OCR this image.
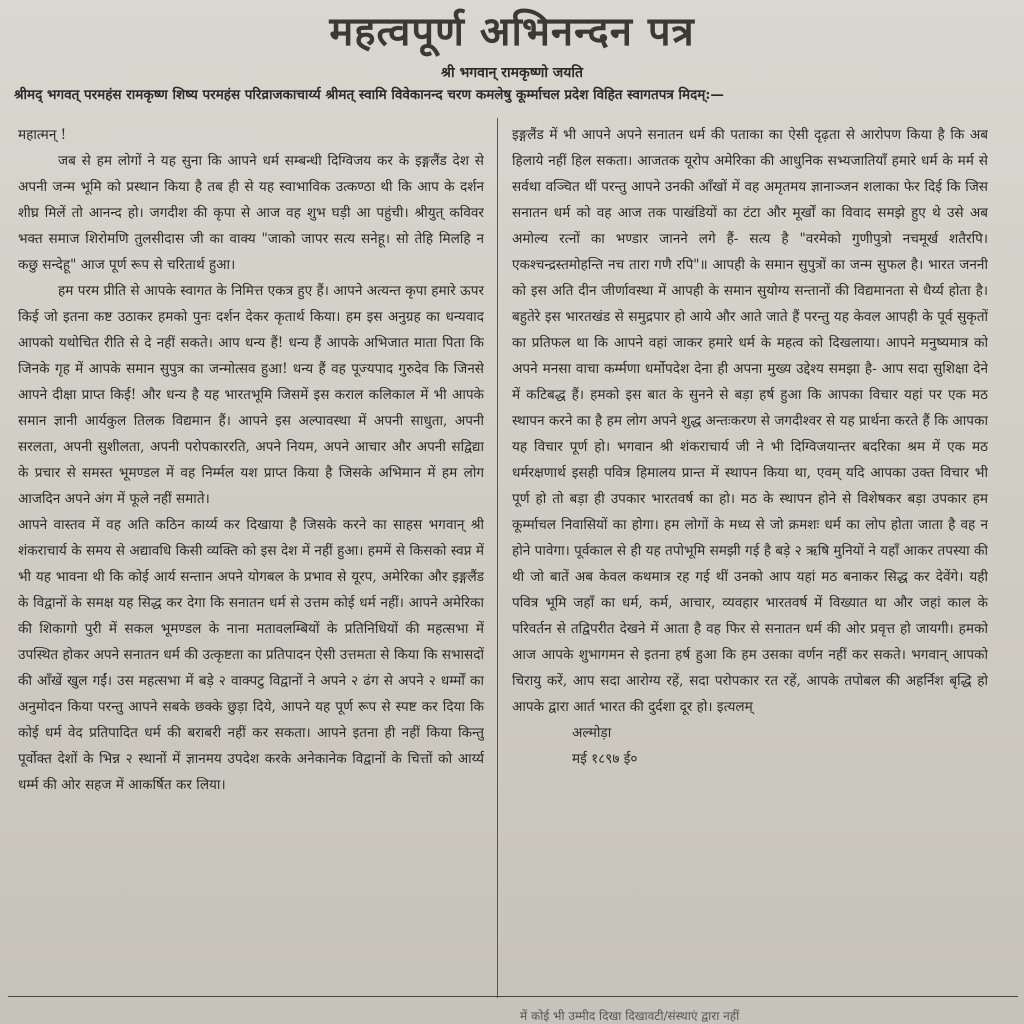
महत्वपूर्ण अभिनन्दन पत्र

श्री भगवान् रामकृष्णो जयति

श्रीमद् भगवत् परमहंस रामकृष्ण शिष्य परमहंस परिव्राजकाचार्य्य श्रीमत् स्वामि विवेकानन्द चरण कमलेषु कूर्म्माचल प्रदेश विहित स्वागतपत्र मिदम्:—

महात्मन् !

जब से हम लोगों ने यह सुना कि आपने धर्म सम्बन्धी दिग्विजय कर के इङ्गलैंड देश से अपनी जन्म भूमि को प्रस्थान किया है तब ही से यह स्वाभाविक उत्कण्ठा थी कि आप के दर्शन शीघ्र मिलें तो आनन्द हो। जगदीश की कृपा से आज वह शुभ घड़ी आ पहुंची। श्रीयुत् कविवर भक्त समाज शिरोमणि तुलसीदास जी का वाक्य "जाको जापर सत्य सनेहू। सो तेहि मिलहि न कछु सन्देहू" आज पूर्ण रूप से चरितार्थ हुआ।

हम परम प्रीति से आपके स्वागत के निमित्त एकत्र हुए हैं। आपने अत्यन्त कृपा हमारे ऊपर किई जो इतना कष्ट उठाकर हमको पुनः दर्शन देकर कृतार्थ किया। हम इस अनुग्रह का धन्यवाद आपको यथोचित रीति से दे नहीं सकते। आप धन्य हैं! धन्य हैं आपके अभिजात माता पिता कि जिनके गृह में आपके समान सुपुत्र का जन्मोत्सव हुआ! धन्य हैं वह पूज्यपाद गुरुदेव कि जिनसे आपने दीक्षा प्राप्त किई! और धन्य है यह भारतभूमि जिसमें इस कराल कलिकाल में भी आपके समान ज्ञानी आर्यकुल तिलक विद्यमान हैं। आपने इस अल्पावस्था में अपनी साधुता, अपनी सरलता, अपनी सुशीलता, अपनी परोपकाररति, अपने नियम, अपने आचार और अपनी सद्विद्या के प्रचार से समस्त भूमण्डल में वह निर्म्मल यश प्राप्त किया है जिसके अभिमान में हम लोग आजदिन अपने अंग में फूले नहीं समाते।

आपने वास्तव में वह अति कठिन कार्य्य कर दिखाया है जिसके करने का साहस भगवान् श्री शंकराचार्य के समय से अद्यावधि किसी व्यक्ति को इस देश में नहीं हुआ। हममें से किसको स्वप्न में भी यह भावना थी कि कोई आर्य सन्तान अपने योगबल के प्रभाव से यूरप, अमेरिका और इङ्गलैंड के विद्वानों के समक्ष यह सिद्ध कर देगा कि सनातन धर्म से उत्तम कोई धर्म नहीं। आपने अमेरिका की शिकागो पुरी में सकल भूमण्डल के नाना मतावलम्बियों के प्रतिनिधियों की महत्सभा में उपस्थित होकर अपने सनातन धर्म की उत्कृष्टता का प्रतिपादन ऐसी उत्तमता से किया कि सभासदों की आँखें खुल गईं। उस महत्सभा में बड़े २ वाक्पटु विद्वानों ने अपने २ ढंग से अपने २ धर्म्मों का अनुमोदन किया परन्तु आपने सबके छक्के छुड़ा दिये, आपने यह पूर्ण रूप से स्पष्ट कर दिया कि कोई धर्म वेद प्रतिपादित धर्म की बराबरी नहीं कर सकता। आपने इतना ही नहीं किया किन्तु पूर्वोक्त देशों के भिन्न २ स्थानों में ज्ञानमय उपदेश करके अनेकानेक विद्वानों के चित्तों को आर्य्य धर्म्म की ओर सहज में आकर्षित कर लिया।

इङ्गलैंड में भी आपने अपने सनातन धर्म की पताका का ऐसी दृढ़ता से आरोपण किया है कि अब हिलाये नहीं हिल सकता। आजतक यूरोप अमेरिका की आधुनिक सभ्यजातियाँ हमारे धर्म के मर्म से सर्वथा वञ्चित थीं परन्तु आपने उनकी आँखों में वह अमृतमय ज्ञानाञ्जन शलाका फेर दिई कि जिस सनातन धर्म को वह आज तक पाखंडियों का टंटा और मूर्खों का विवाद समझे हुए थे उसे अब अमोल्य रत्नों का भण्डार जानने लगे हैं- सत्य है "वरमेको गुणीपुत्रो नचमूर्ख शतैरपि। एकश्चन्द्रस्तमोहन्ति नच तारा गणै रपि"॥ आपही के समान सुपुत्रों का जन्म सुफल है। भारत जननी को इस अति दीन जीर्णावस्था में आपही के समान सुयोग्य सन्तानों की विद्यमानता से धैर्य्य होता है। बहुतेरे इस भारतखंड से समुद्रपार हो आये और आते जाते हैं परन्तु यह केवल आपही के पूर्व सुकृतों का प्रतिफल था कि आपने वहां जाकर हमारे धर्म के महत्व को दिखलाया। आपने मनुष्यमात्र को अपने मनसा वाचा कर्म्मणा धर्मोपदेश देना ही अपना मुख्य उद्देश्य समझा है- आप सदा सुशिक्षा देने में कटिबद्ध हैं। हमको इस बात के सुनने से बड़ा हर्ष हुआ कि आपका विचार यहां पर एक मठ स्थापन करने का है हम लोग अपने शुद्ध अन्तःकरण से जगदीश्वर से यह प्रार्थना करते हैं कि आपका यह विचार पूर्ण हो। भगवान श्री शंकराचार्य जी ने भी दिग्विजयान्तर बदरिका श्रम में एक मठ धर्मरक्षणार्थ इसही पवित्र हिमालय प्रान्त में स्थापन किया था, एवम् यदि आपका उक्त विचार भी पूर्ण हो तो बड़ा ही उपकार भारतवर्ष का हो। मठ के स्थापन होने से विशेषकर बड़ा उपकार हम कूर्म्माचल निवासियों का होगा। हम लोगों के मध्य से जो क्रमशः धर्म का लोप होता जाता है वह न होने पावेगा। पूर्वकाल से ही यह तपोभूमि समझी गई है बड़े २ ऋषि मुनियों ने यहाँ आकर तपस्या की थी जो बातें अब केवल कथमात्र रह गई थीं उनको आप यहां मठ बनाकर सिद्ध कर देवेंगे। यही पवित्र भूमि जहाँ का धर्म, कर्म, आचार, व्यवहार भारतवर्ष में विख्यात था और जहां काल के परिवर्तन से तद्विपरीत देखने में आता है वह फिर से सनातन धर्म की ओर प्रवृत्त हो जायगी। हमको आज आपके शुभागमन से इतना हर्ष हुआ कि हम उसका वर्णन नहीं कर सकते। भगवान् आपको चिरायु करें, आप सदा आरोग्य रहें, सदा परोपकार रत रहें, आपके तपोबल की अहर्निश बृद्धि हो आपके द्वारा आर्त भारत की दुर्दशा दूर हो। इत्यलम्

अल्मोड़ा

मई १८९७ ई०

में कोई भी उम्मीद दिखा दिखावटी/संस्थाएं द्वारा नहीं
